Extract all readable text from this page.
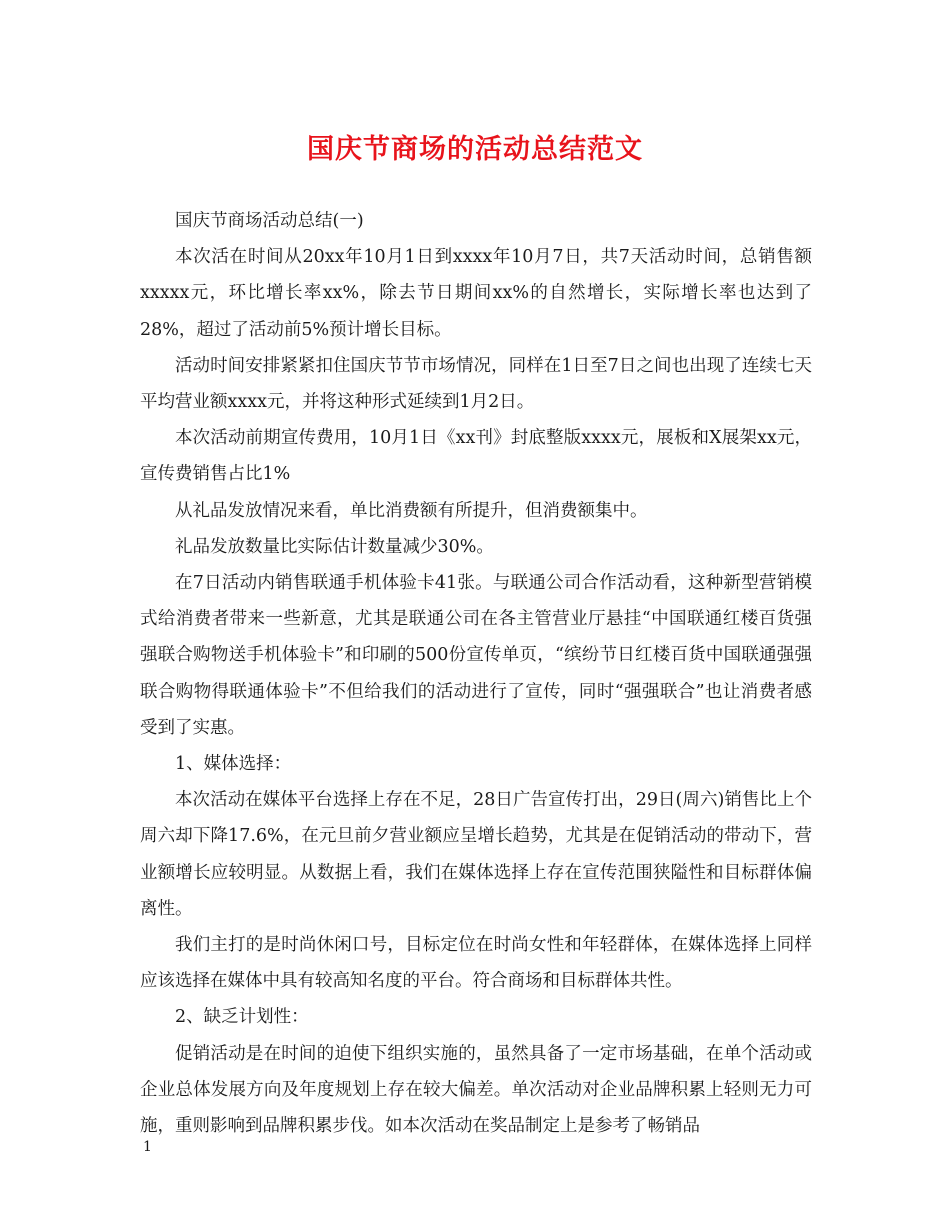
国庆节商场的活动总结范文

国庆节商场活动总结(一)

本次活在时间从20xx年10月1日到xxxx年10月7日，共7天活动时间，总销售额xxxxx元，环比增长率xx%，除去节日期间xx%的自然增长，实际增长率也达到了28%，超过了活动前5%预计增长目标。

活动时间安排紧紧扣住国庆节节市场情况，同样在1日至7日之间也出现了连续七天平均营业额xxxx元，并将这种形式延续到1月2日。

本次活动前期宣传费用，10月1日《xx刊》封底整版xxxx元，展板和X展架xx元，宣传费销售占比1%

从礼品发放情况来看，单比消费额有所提升，但消费额集中。

礼品发放数量比实际估计数量减少30%。

在7日活动内销售联通手机体验卡41张。与联通公司合作活动看，这种新型营销模式给消费者带来一些新意，尤其是联通公司在各主管营业厅悬挂“中国联通红楼百货强强联合购物送手机体验卡”和印刷的500份宣传单页，“缤纷节日红楼百货中国联通强强联合购物得联通体验卡”不但给我们的活动进行了宣传，同时“强强联合”也让消费者感受到了实惠。

1、媒体选择：

本次活动在媒体平台选择上存在不足，28日广告宣传打出，29日(周六)销售比上个周六却下降17.6%，在元旦前夕营业额应呈增长趋势，尤其是在促销活动的带动下，营业额增长应较明显。从数据上看，我们在媒体选择上存在宣传范围狭隘性和目标群体偏离性。

我们主打的是时尚休闲口号，目标定位在时尚女性和年轻群体，在媒体选择上同样应该选择在媒体中具有较高知名度的平台。符合商场和目标群体共性。

2、缺乏计划性：

促销活动是在时间的迫使下组织实施的，虽然具备了一定市场基础，在单个活动或企业总体发展方向及年度规划上存在较大偏差。单次活动对企业品牌积累上轻则无力可施，重则影响到品牌积累步伐。如本次活动在奖品制定上是参考了畅销品

1
